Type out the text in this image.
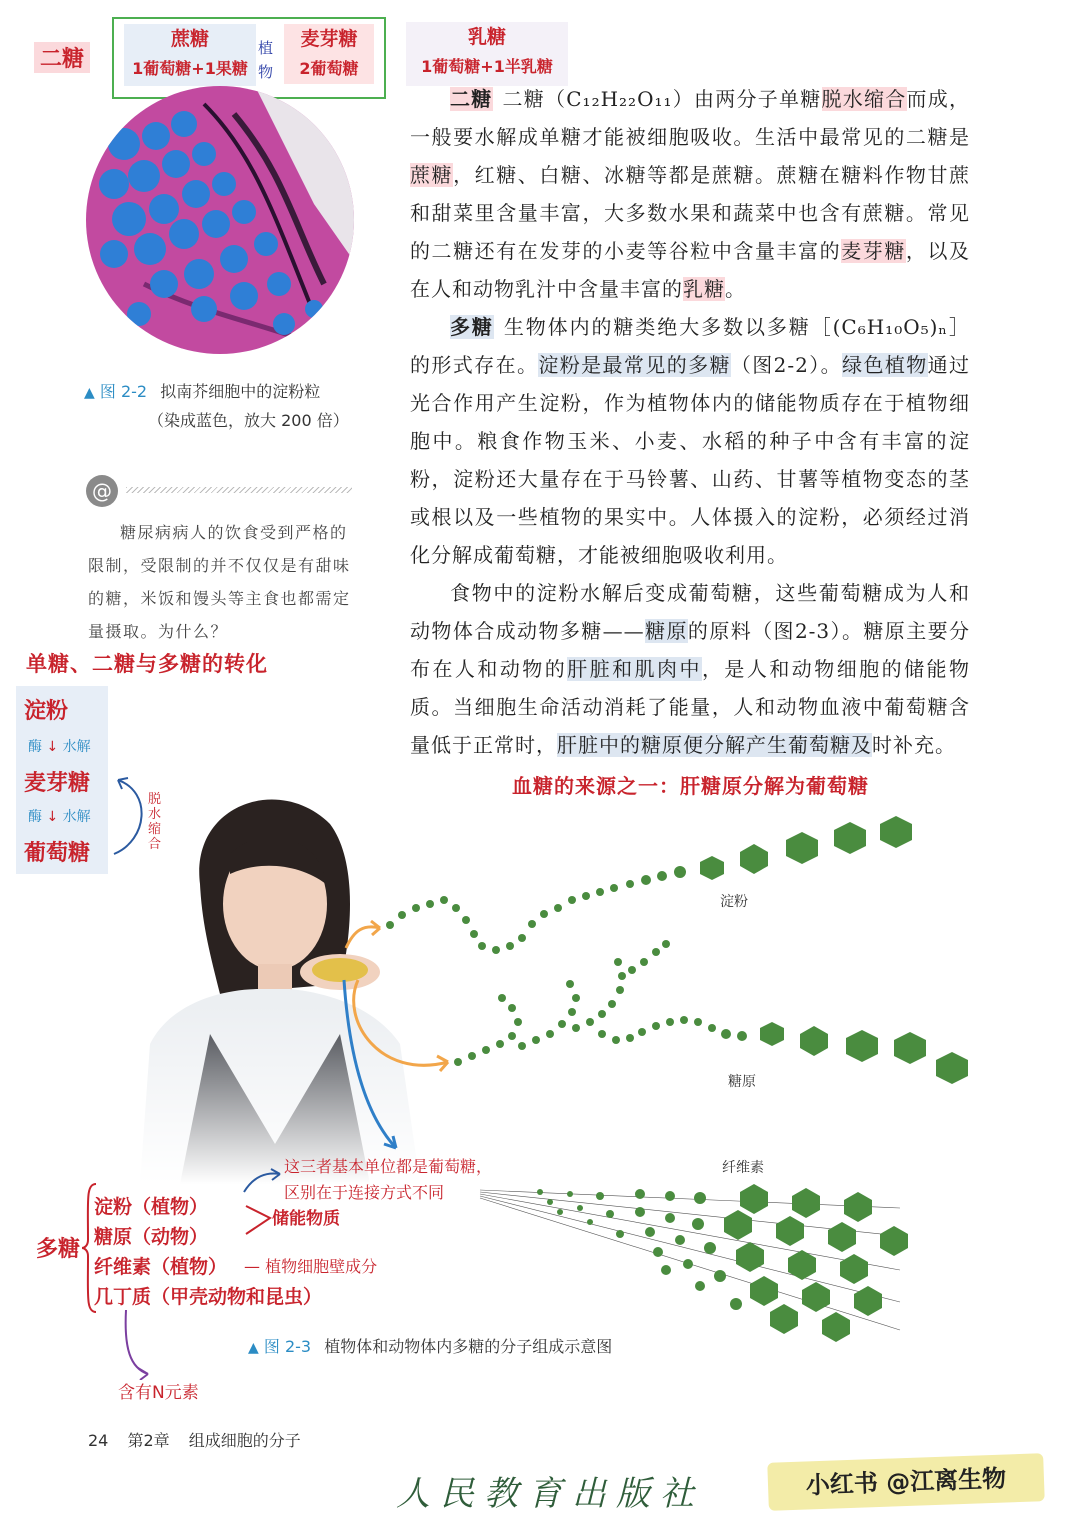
二糖
蔗糖
1葡萄糖+1果糖
植
物
麦芽糖
2葡萄糖
乳糖
1葡萄糖+1半乳糖
▲ 图 2-2 拟南芥细胞中的淀粉粒
（染成蓝色，放大 200 倍）
@
糖尿病病人的饮食受到严格的限制，受限制的并不仅仅是有甜味的糖，米饭和馒头等主食也都需定量摄取。为什么？
单糖、二糖与多糖的转化
淀粉
酶 ↓ 水解
麦芽糖
酶 ↓ 水解
葡萄糖
脱水缩合

二糖 二糖（C₁₂H₂₂O₁₁）由两分子单糖脱水缩合而成，一般要水解成单糖才能被细胞吸收。生活中最常见的二糖是蔗糖，红糖、白糖、冰糖等都是蔗糖。蔗糖在糖料作物甘蔗和甜菜里含量丰富，大多数水果和蔬菜中也含有蔗糖。常见的二糖还有在发芽的小麦等谷粒中含量丰富的麦芽糖，以及在人和动物乳汁中含量丰富的乳糖。

多糖 生物体内的糖类绝大多数以多糖［(C₆H₁₀O₅)ₙ］的形式存在。淀粉是最常见的多糖（图2-2）。绿色植物通过光合作用产生淀粉，作为植物体内的储能物质存在于植物细胞中。粮食作物玉米、小麦、水稻的种子中含有丰富的淀粉，淀粉还大量存在于马铃薯、山药、甘薯等植物变态的茎或根以及一些植物的果实中。人体摄入的淀粉，必须经过消化分解成葡萄糖，才能被细胞吸收利用。

食物中的淀粉水解后变成葡萄糖，这些葡萄糖成为人和动物体合成动物多糖——糖原的原料（图2-3）。糖原主要分布在人和动物的肝脏和肌肉中，是人和动物细胞的储能物质。当细胞生命活动消耗了能量，人和动物血液中葡萄糖含量低于正常时，肝脏中的糖原便分解产生葡萄糖及时补充。

血糖的来源之一：肝糖原分解为葡萄糖
淀粉
糖原
纤维素
▲ 图 2-3 植物体和动物体内多糖的分子组成示意图
多糖
淀粉（植物）
糖原（动物）
纤维素（植物）
几丁质（甲壳动物和昆虫）
储能物质
— 植物细胞壁成分
这三者基本单位都是葡萄糖，
区别在于连接方式不同
含有N元素
24 第2章 组成细胞的分子
人民教育出版社	小红书 @江离生物
